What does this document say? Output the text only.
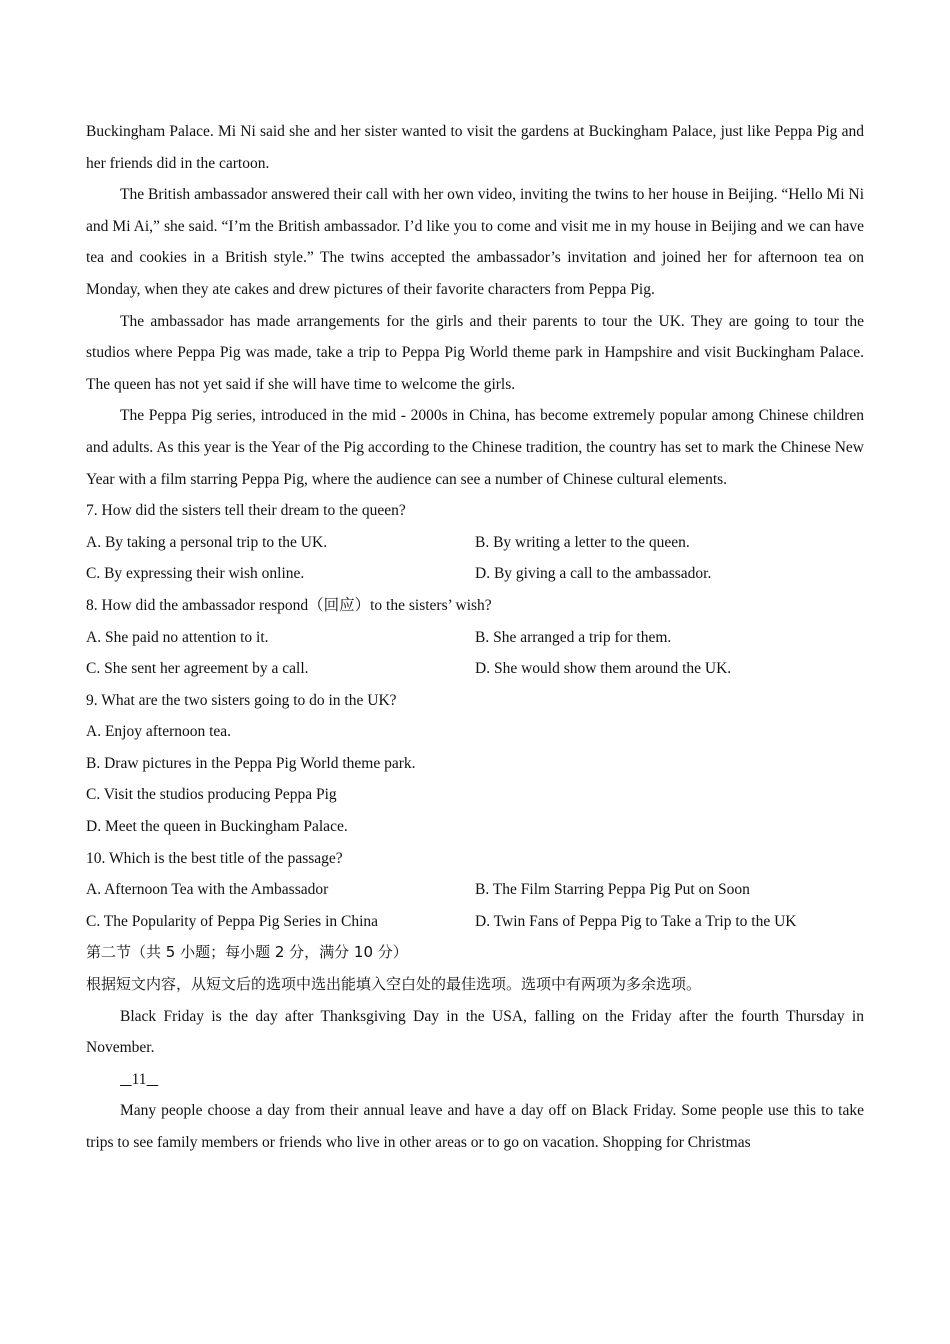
Buckingham Palace. Mi Ni said she and her sister wanted to visit the gardens at Buckingham Palace, just like Peppa Pig and her friends did in the cartoon.

The British ambassador answered their call with her own video, inviting the twins to her house in Beijing. “Hello Mi Ni and Mi Ai,” she said. “I’m the British ambassador. I’d like you to come and visit me in my house in Beijing and we can have tea and cookies in a British style.” The twins accepted the ambassador’s invitation and joined her for afternoon tea on Monday, when they ate cakes and drew pictures of their favorite characters from Peppa Pig.

The ambassador has made arrangements for the girls and their parents to tour the UK. They are going to tour the studios where Peppa Pig was made, take a trip to Peppa Pig World theme park in Hampshire and visit Buckingham Palace. The queen has not yet said if she will have time to welcome the girls.

The Peppa Pig series, introduced in the mid - 2000s in China, has become extremely popular among Chinese children and adults. As this year is the Year of the Pig according to the Chinese tradition, the country has set to mark the Chinese New Year with a film starring Peppa Pig, where the audience can see a number of Chinese cultural elements.

7. How did the sisters tell their dream to the queen?

A. By taking a personal trip to the UK.	B. By writing a letter to the queen.
C. By expressing their wish online.	D. By giving a call to the ambassador.

8. How did the ambassador respond（回应）to the sisters’ wish?

A. She paid no attention to it.	B. She arranged a trip for them.
C. She sent her agreement by a call.	D. She would show them around the UK.

9. What are the two sisters going to do in the UK?

A. Enjoy afternoon tea.

B. Draw pictures in the Peppa Pig World theme park.

C. Visit the studios producing Peppa Pig

D. Meet the queen in Buckingham Palace.

10. Which is the best title of the passage?

A. Afternoon Tea with the Ambassador	B. The Film Starring Peppa Pig Put on Soon
C. The Popularity of Peppa Pig Series in China	D. Twin Fans of Peppa Pig to Take a Trip to the UK

第二节（共 5 小题；每小题 2 分，满分 10 分）

根据短文内容，从短文后的选项中选出能填入空白处的最佳选项。选项中有两项为多余选项。

Black Friday is the day after Thanksgiving Day in the USA, falling on the Friday after the fourth Thursday in November.

11

Many people choose a day from their annual leave and have a day off on Black Friday. Some people use this to take trips to see family members or friends who live in other areas or to go on vacation. Shopping for Christmas
